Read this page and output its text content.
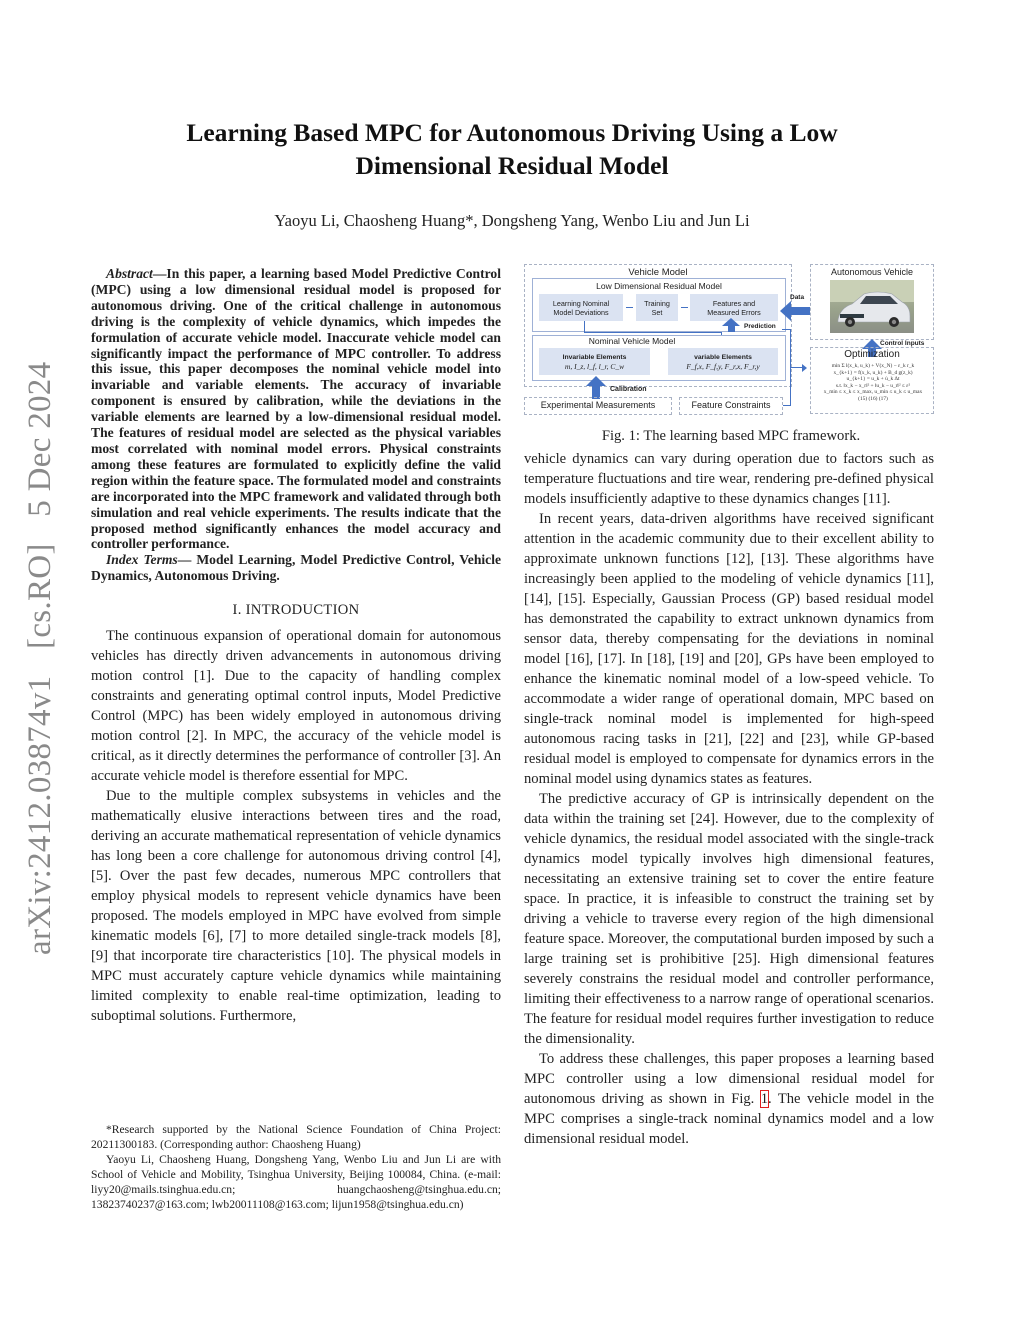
arXiv:2412.03874v1 [cs.RO] 5 Dec 2024
Learning Based MPC for Autonomous Driving Using a Low
Dimensional Residual Model
Yaoyu Li, Chaosheng Huang*, Dongsheng Yang, Wenbo Liu and Jun Li

Abstract—In this paper, a learning based Model Predictive Control (MPC) using a low dimensional residual model is proposed for autonomous driving. One of the critical challenge in autonomous driving is the complexity of vehicle dynamics, which impedes the formulation of accurate vehicle model. Inaccurate vehicle model can significantly impact the performance of MPC controller. To address this issue, this paper decomposes the nominal vehicle model into invariable and variable elements. The accuracy of invariable component is ensured by calibration, while the deviations in the variable elements are learned by a low-dimensional residual model. The features of residual model are selected as the physical variables most correlated with nominal model errors. Physical constraints among these features are formulated to explicitly define the valid region within the feature space. The formulated model and constraints are incorporated into the MPC framework and validated through both simulation and real vehicle experiments. The results indicate that the proposed method significantly enhances the model accuracy and controller performance.

Index Terms— Model Learning, Model Predictive Control, Vehicle Dynamics, Autonomous Driving.

I. INTRODUCTION

The continuous expansion of operational domain for autonomous vehicles has directly driven advancements in autonomous driving motion control [1]. Due to the capacity of handling complex constraints and generating optimal control inputs, Model Predictive Control (MPC) has been widely employed in autonomous driving motion control [2]. In MPC, the accuracy of the vehicle model is critical, as it directly determines the performance of controller [3]. An accurate vehicle model is therefore essential for MPC.

Due to the multiple complex subsystems in vehicles and the mathematically elusive interactions between tires and the road, deriving an accurate mathematical representation of vehicle dynamics has long been a core challenge for autonomous driving control [4], [5]. Over the past few decades, numerous MPC controllers that employ physical models to represent vehicle dynamics have been proposed. The models employed in MPC have evolved from simple kinematic models [6], [7] to more detailed single-track models [8], [9] that incorporate tire characteristics [10]. The physical models in MPC must accurately capture vehicle dynamics while maintaining limited complexity to enable real-time optimization, leading to suboptimal solutions. Furthermore,

*Research supported by the National Science Foundation of China Project: 20211300183. (Corresponding author: Chaosheng Huang)

Yaoyu Li, Chaosheng Huang, Dongsheng Yang, Wenbo Liu and Jun Li are with School of Vehicle and Mobility, Tsinghua University, Beijing 100084, China. (e-mail: liyy20@mails.tsinghua.edu.cn; huangchaosheng@tsinghua.edu.cn; 13823740237@163.com; lwb20011108@163.com; lijun1958@tsinghua.edu.cn)

Vehicle Model
Low Dimensional Residual Model
Learning Nominal
Model Deviations
Training
Set
Features and
Measured Errors
Prediction
Nominal Vehicle Model
Invariable Elements
m, I_z, l_f, l_r, C_w
variable Elements
F_f,x, F_f,y, F_r,x, F_r,y
Calibration
Experimental Measurements	Feature Constraints
Data
Autonomous Vehicle
Control Inputs
Optimization
min Σ l(x_k, u_k) + V(x_N) − ε_k r_k
x_{k+1} = f(x_k, u_k) + B_d g(z_k)
u_{k+1} = u_k + u̇_k Δt
s.t. ‖x_k − x_r‖² + ‖u_k − u_r‖² ≤ ε²
x_min ≤ x_k ≤ x_max, u_min ≤ u_k ≤ u_max
(15) (16) (17)
Fig. 1: The learning based MPC framework.

vehicle dynamics can vary during operation due to factors such as temperature fluctuations and tire wear, rendering pre-defined physical models insufficiently adaptive to these dynamics changes [11].

In recent years, data-driven algorithms have received significant attention in the academic community due to their excellent ability to approximate unknown functions [12], [13]. These algorithms have increasingly been applied to the modeling of vehicle dynamics [11], [14], [15]. Especially, Gaussian Process (GP) based residual model has demonstrated the capability to extract unknown dynamics from sensor data, thereby compensating for the deviations in nominal model [16], [17]. In [18], [19] and [20], GPs have been employed to enhance the kinematic nominal model of a low-speed vehicle. To accommodate a wider range of operational domain, MPC based on single-track nominal model is implemented for high-speed autonomous racing tasks in [21], [22] and [23], while GP-based residual model is employed to compensate for dynamics errors in the nominal model using dynamics states as features.

The predictive accuracy of GP is intrinsically dependent on the data within the training set [24]. However, due to the complexity of vehicle dynamics, the residual model associated with the single-track dynamics model typically involves high dimensional features, necessitating an extensive training set to cover the entire feature space. In practice, it is infeasible to construct the training set by driving a vehicle to traverse every region of the high dimensional feature space. Moreover, the computational burden imposed by such a large training set is prohibitive [25]. High dimensional features severely constrains the residual model and controller performance, limiting their effectiveness to a narrow range of operational scenarios. The feature for residual model requires further investigation to reduce the dimensionality.

To address these challenges, this paper proposes a learning based MPC controller using a low dimensional residual model for autonomous driving as shown in Fig. 1. The vehicle model in the MPC comprises a single-track nominal dynamics model and a low dimensional residual model.
